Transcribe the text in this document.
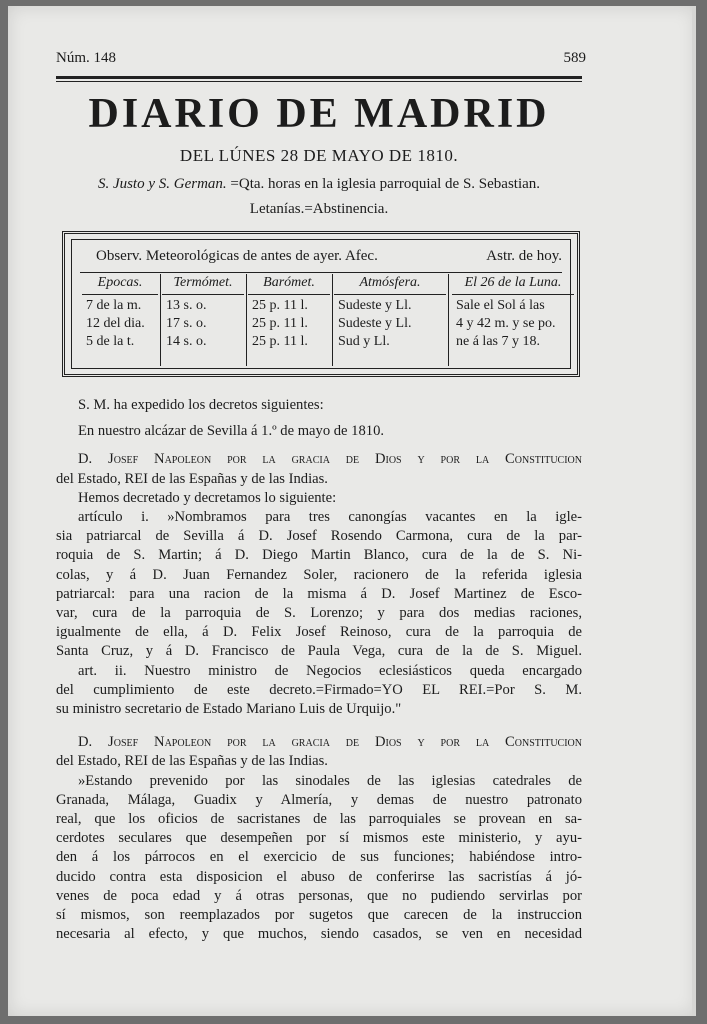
Núm. 148	589
DIARIO DE MADRID
DEL LÚNES 28 DE MAYO DE 1810.
S. Justo y S. German. =Qta. horas en la iglesia parroquial de S. Sebastian.
Letanías.=Abstinencia.
Observ. Meteorológicas de antes de ayer. Afec.	Astr. de hoy.
Epocas.
7 de la m.
12 del dia.
5 de la t.
Termómet.
13 s. o.
17 s. o.
14 s. o.
Barómet.
25 p. 11 l.
25 p. 11 l.
25 p. 11 l.
Atmósfera.
Sudeste y Ll.
Sudeste y Ll.
Sud y Ll.
El 26 de la Luna.
Sale el Sol á las
4 y 42 m. y se po.
ne á las 7 y 18.

S. M. ha expedido los decretos siguientes:

En nuestro alcázar de Sevilla á 1.º de mayo de 1810.

D. Josef Napoleon por la gracia de Dios y por la Constitucion
del Estado, REI de las Españas y de las Indias.
Hemos decretado y decretamos lo siguiente:
artículo i. »Nombramos para tres canongías vacantes en la igle-
sia patriarcal de Sevilla á D. Josef Rosendo Carmona, cura de la par-
roquia de S. Martin; á D. Diego Martin Blanco, cura de la de S. Ni-
colas, y á D. Juan Fernandez Soler, racionero de la referida iglesia
patriarcal: para una racion de la misma á D. Josef Martinez de Esco-
var, cura de la parroquia de S. Lorenzo; y para dos medias raciones,
igualmente de ella, á D. Felix Josef Reinoso, cura de la parroquia de
Santa Cruz, y á D. Francisco de Paula Vega, cura de la de S. Miguel.
art. ii. Nuestro ministro de Negocios eclesiásticos queda encargado
del cumplimiento de este decreto.=Firmado=YO EL REI.=Por S. M.
su ministro secretario de Estado Mariano Luis de Urquijo."
D. Josef Napoleon por la gracia de Dios y por la Constitucion
del Estado, REI de las Españas y de las Indias.
»Estando prevenido por las sinodales de las iglesias catedrales de
Granada, Málaga, Guadix y Almería, y demas de nuestro patronato
real, que los oficios de sacristanes de las parroquiales se provean en sa-
cerdotes seculares que desempeñen por sí mismos este ministerio, y ayu-
den á los párrocos en el exercicio de sus funciones; habiéndose intro-
ducido contra esta disposicion el abuso de conferirse las sacristías á jó-
venes de poca edad y á otras personas, que no pudiendo servirlas por
sí mismos, son reemplazados por sugetos que carecen de la instruccion
necesaria al efecto, y que muchos, siendo casados, se ven en necesidad
